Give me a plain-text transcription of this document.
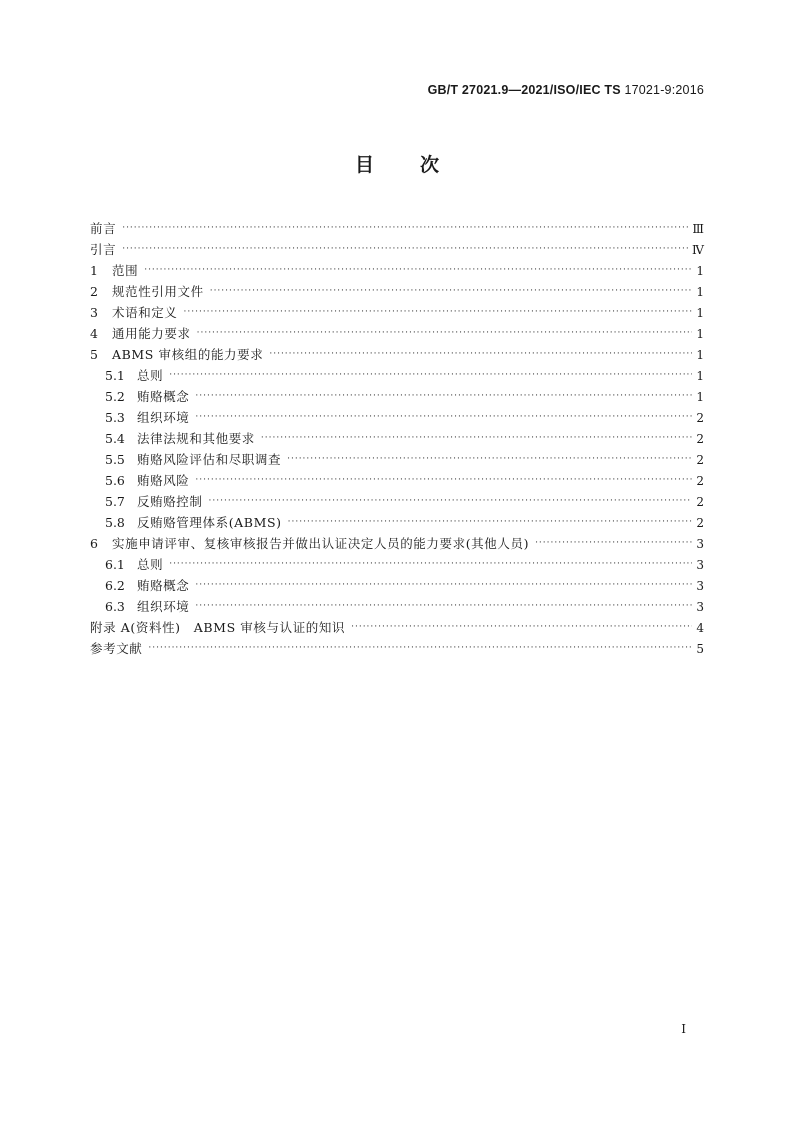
GB/T 27021.9—2021/ISO/IEC TS 17021-9:2016
目次
前言 ·····	Ⅲ
引言 ·····	Ⅳ
1	范围 ·····	1
2	规范性引用文件 ·····	1
3	术语和定义 ·····	1
4	通用能力要求 ·····	1
5	ABMS 审核组的能力要求 ·····	1
5.1 总则 ·····	1
5.2 贿赂概念 ·····	1
5.3 组织环境 ·····	2
5.4 法律法规和其他要求 ·····	2
5.5 贿赂风险评估和尽职调查 ·····	2
5.6 贿赂风险 ·····	2
5.7 反贿赂控制 ·····	2
5.8 反贿赂管理体系(ABMS) ·····	2
6	实施申请评审、复核审核报告并做出认证决定人员的能力要求(其他人员) ·····	3
6.1 总则 ·····	3
6.2 贿赂概念 ·····	3
6.3 组织环境 ·····	3
附录 A(资料性)　ABMS 审核与认证的知识 ·····	4
参考文献 ·····	5
Ⅰ
